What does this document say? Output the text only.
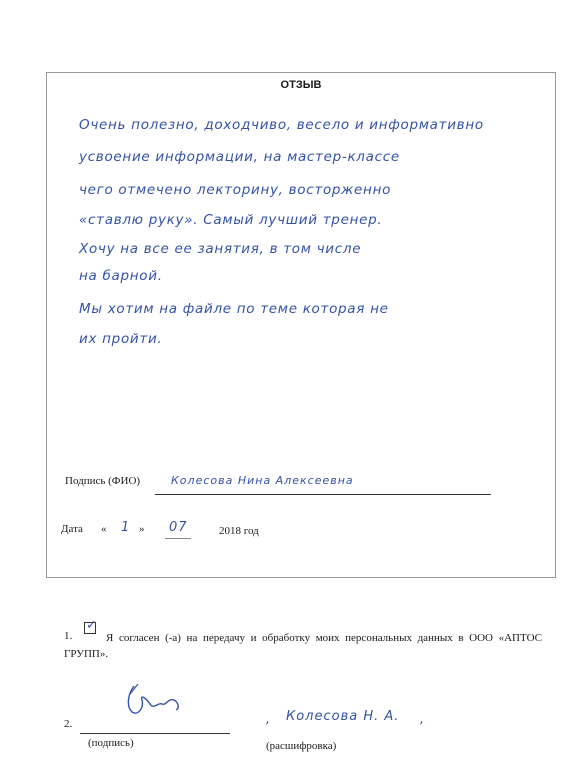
ОТЗЫВ
Очень полезно, доходчиво, весело и информативно
усвоение информации, на мастер-классе
чего отмечено лекторину, восторженно
«ставлю руку». Самый лучший тренер.
Хочу на все ее занятия, в том числе
на барной.
Мы хотим на файле по теме которая не
их пройти.
Подпись (ФИО)	Колесова Нина Алексеевна
Дата « 1 » 07	2018 год
1.
✓
Я согласен (-а) на передачу и обработку моих персональных данных в ООО «АПТОС ГРУПП».
2.
(подпись)
, Колесова Н. А. ,
(расшифровка)
